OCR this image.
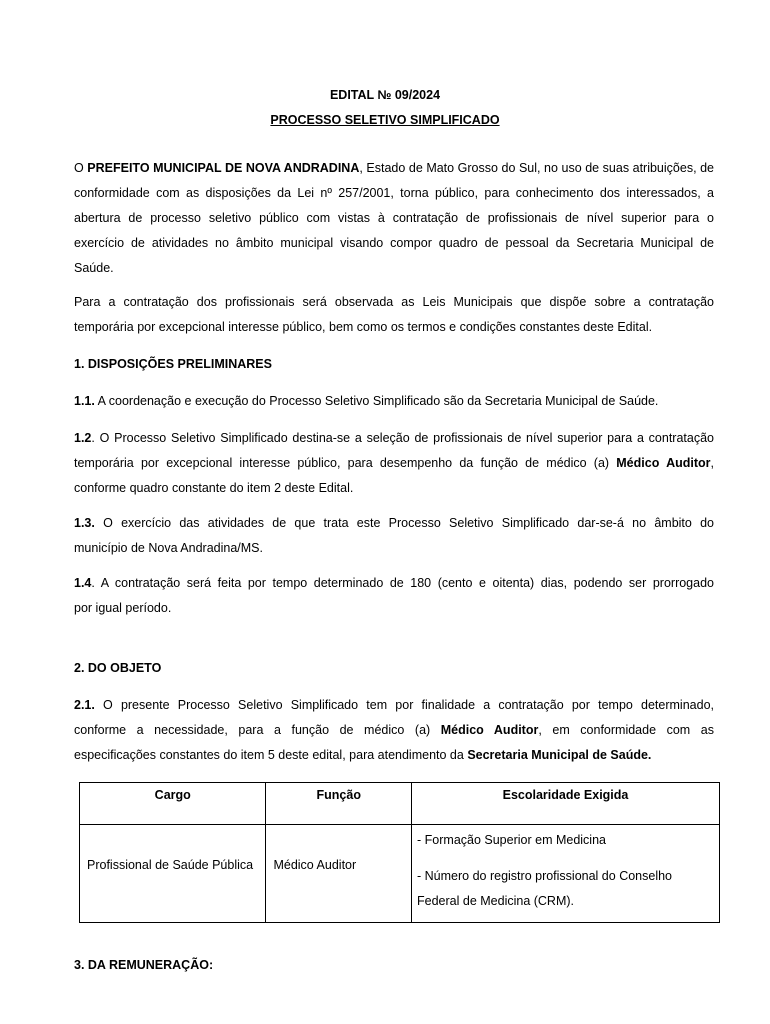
EDITAL № 09/2024
PROCESSO SELETIVO SIMPLIFICADO
O PREFEITO MUNICIPAL DE NOVA ANDRADINA, Estado de Mato Grosso do Sul, no uso de suas atribuições, de
conformidade com as disposições da Lei nº 257/2001, torna público, para conhecimento dos interessados, a
abertura de processo seletivo público com vistas à contratação de profissionais de nível superior para o
exercício de atividades no âmbito municipal visando compor quadro de pessoal da Secretaria Municipal de
Saúde.
Para a contratação dos profissionais será observada as Leis Municipais que dispõe sobre a contratação
temporária por excepcional interesse público, bem como os termos e condições constantes deste Edital.
1. DISPOSIÇÕES PRELIMINARES
1.1. A coordenação e execução do Processo Seletivo Simplificado são da Secretaria Municipal de Saúde.
1.2. O Processo Seletivo Simplificado destina-se a seleção de profissionais de nível superior para a contratação
temporária por excepcional interesse público, para desempenho da função de médico (a) Médico Auditor,
conforme quadro constante do item 2 deste Edital.
1.3. O exercício das atividades de que trata este Processo Seletivo Simplificado dar-se-á no âmbito do
município de Nova Andradina/MS.
1.4. A contratação será feita por tempo determinado de 180 (cento e oitenta) dias, podendo ser prorrogado
por igual período.
2. DO OBJETO
2.1. O presente Processo Seletivo Simplificado tem por finalidade a contratação por tempo determinado,
conforme a necessidade, para a função de médico (a) Médico Auditor, em conformidade com as
especificações constantes do item 5 deste edital, para atendimento da Secretaria Municipal de Saúde.
Cargo	Função	Escolaridade Exigida

Profissional de Saúde Pública	Médico Auditor	- Formação Superior em Medicina
- Número do registro profissional do Conselho
Federal de Medicina (CRM).
3. DA REMUNERAÇÃO:
